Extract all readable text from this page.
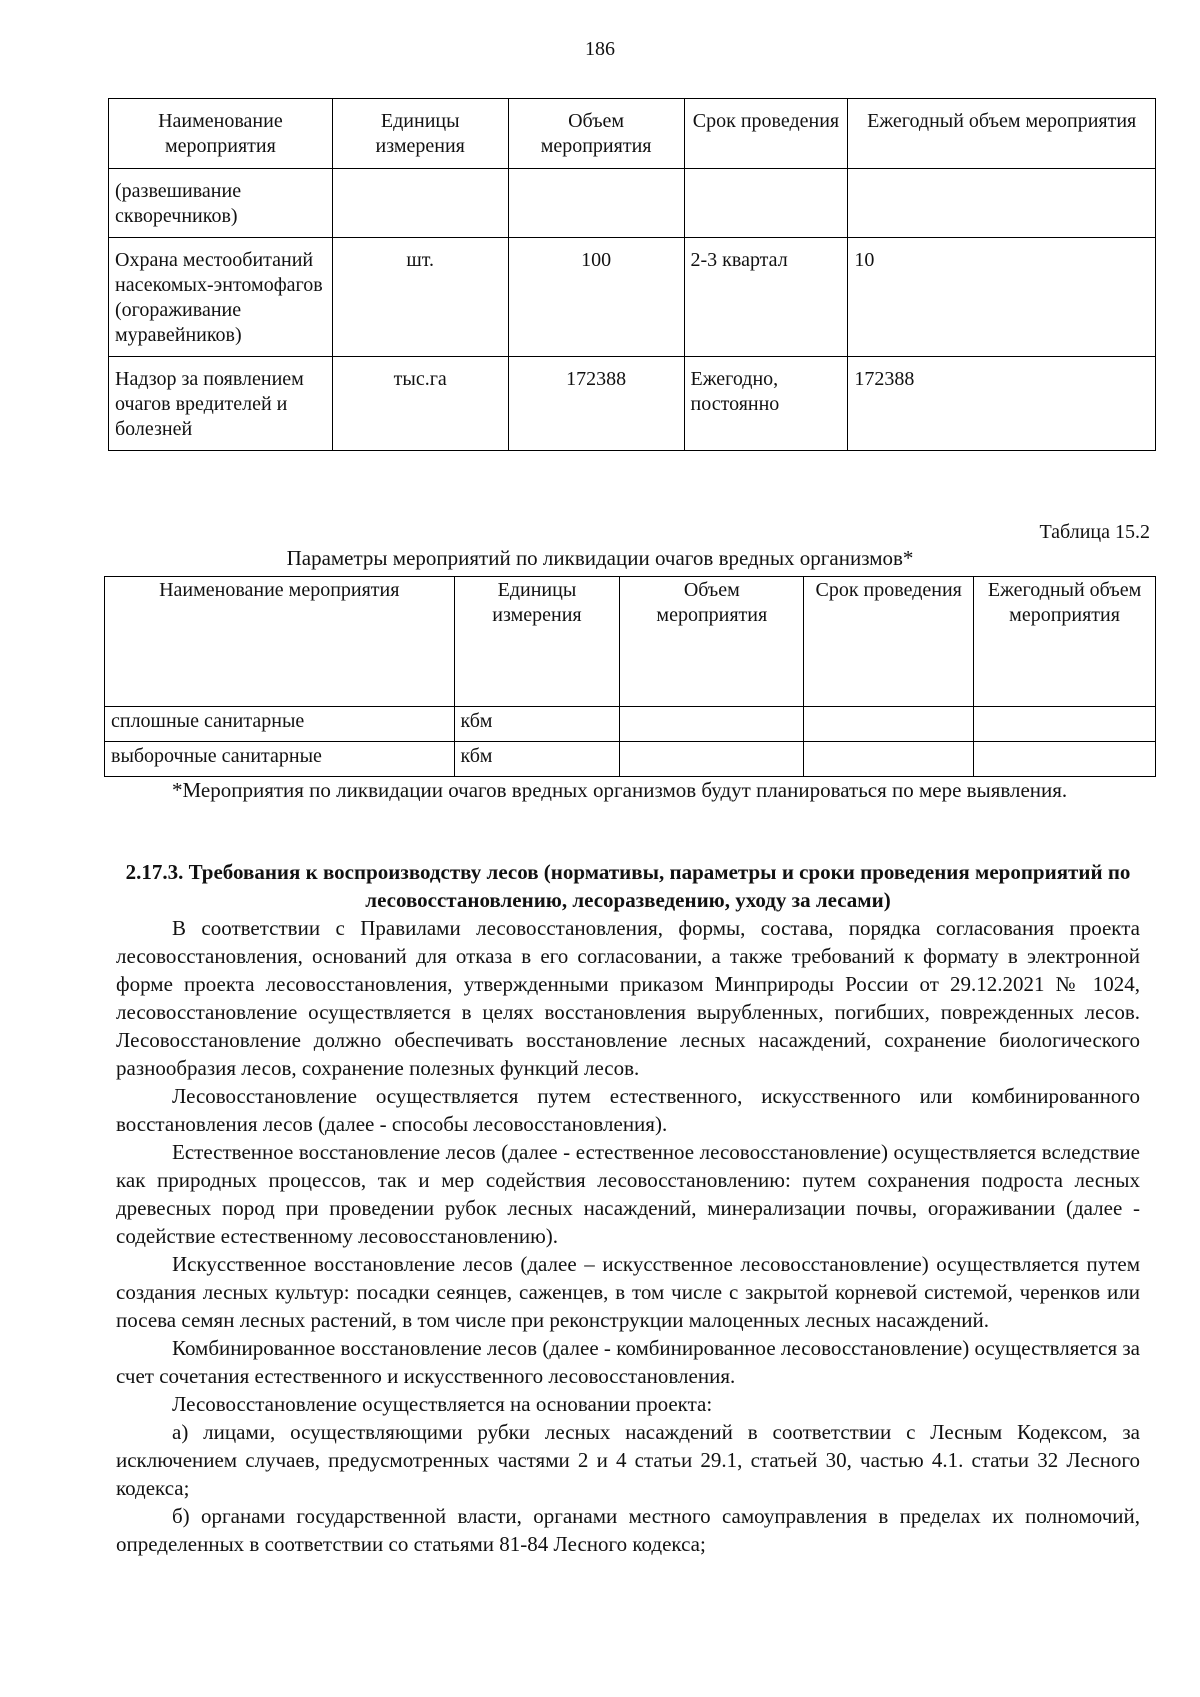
186
Наименование мероприятия	Единицы измерения	Объем мероприятия	Срок проведения	Ежегодный объем мероприятия
(развешивание скворечников)				
Охрана местообитаний насекомых-энтомофагов (огораживание муравейников)	шт.	100	2-3 квартал	10
Надзор за появлением очагов вредителей и болезней	тыс.га	172388	Ежегодно, постоянно	172388
Таблица 15.2
Параметры мероприятий по ликвидации очагов вредных организмов*
Наименование мероприятия	Единицы измерения	Объем мероприятия	Срок проведения	Ежегодный объем мероприятия
сплошные санитарные	кбм			
выборочные санитарные	кбм			
*Мероприятия по ликвидации очагов вредных организмов будут планироваться по мере выявления.
2.17.3. Требования к воспроизводству лесов (нормативы, параметры и сроки проведения мероприятий по лесовосстановлению, лесоразведению, уходу за лесами)

В соответствии с Правилами лесовосстановления, формы, состава, порядка согласования проекта лесовосстановления, оснований для отказа в его согласовании, а также требований к формату в электронной форме проекта лесовосстановления, утвержденными приказом Минприроды России от 29.12.2021 № 1024, лесовосстановление осуществляется в целях восстановления вырубленных, погибших, поврежденных лесов. Лесовосстановление должно обеспечивать восстановление лесных насаждений, сохранение биологического разнообразия лесов, сохранение полезных функций лесов.

Лесовосстановление осуществляется путем естественного, искусственного или комбинированного восстановления лесов (далее - способы лесовосстановления).

Естественное восстановление лесов (далее - естественное лесовосстановление) осуществляется вследствие как природных процессов, так и мер содействия лесовосстановлению: путем сохранения подроста лесных древесных пород при проведении рубок лесных насаждений, минерализации почвы, огораживании (далее - содействие естественному лесовосстановлению).

Искусственное восстановление лесов (далее – искусственное лесовосстановление) осуществляется путем создания лесных культур: посадки сеянцев, саженцев, в том числе с закрытой корневой системой, черенков или посева семян лесных растений, в том числе при реконструкции малоценных лесных насаждений.

Комбинированное восстановление лесов (далее - комбинированное лесовосстановление) осуществляется за счет сочетания естественного и искусственного лесовосстановления.

Лесовосстановление осуществляется на основании проекта:

а) лицами, осуществляющими рубки лесных насаждений в соответствии с Лесным Кодексом, за исключением случаев, предусмотренных частями 2 и 4 статьи 29.1, статьей 30, частью 4.1. статьи 32 Лесного кодекса;

б) органами государственной власти, органами местного самоуправления в пределах их полномочий, определенных в соответствии со статьями 81-84 Лесного кодекса;
